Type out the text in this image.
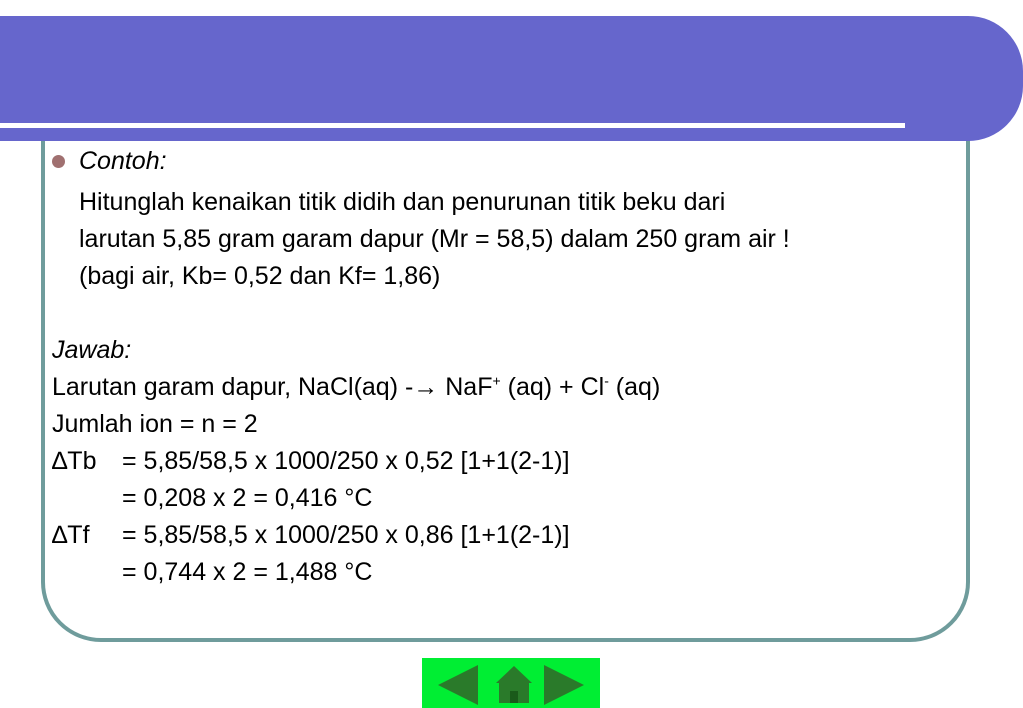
Contoh:
Hitunglah kenaikan titik didih dan penurunan titik beku dari
larutan 5,85 gram garam dapur (Mr = 58,5) dalam 250 gram air !
(bagi air, Kb= 0,52 dan Kf= 1,86)
Jawab:
Larutan garam dapur, NaCl(aq) -→ NaF+ (aq) + Cl- (aq)
Jumlah ion = n = 2
∆Tb	= 5,85/58,5 x 1000/250 x 0,52 [1+1(2-1)]
= 0,208 x 2 = 0,416 °C
∆Tf	= 5,85/58,5 x 1000/250 x 0,86 [1+1(2-1)]
= 0,744 x 2 = 1,488 °C
